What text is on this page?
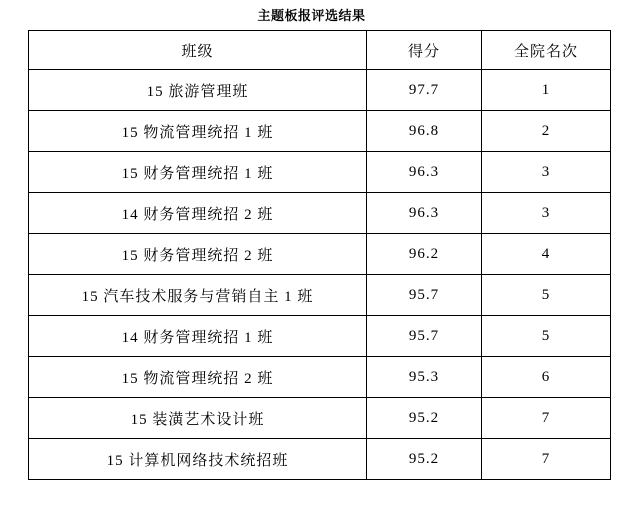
主题板报评选结果
班级	得分	全院名次
15 旅游管理班	97.7	1
15 物流管理统招 1 班	96.8	2
15 财务管理统招 1 班	96.3	3
14 财务管理统招 2 班	96.3	3
15 财务管理统招 2 班	96.2	4
15 汽车技术服务与营销自主 1 班	95.7	5
14 财务管理统招 1 班	95.7	5
15 物流管理统招 2 班	95.3	6
15 装潢艺术设计班	95.2	7
15 计算机网络技术统招班	95.2	7
